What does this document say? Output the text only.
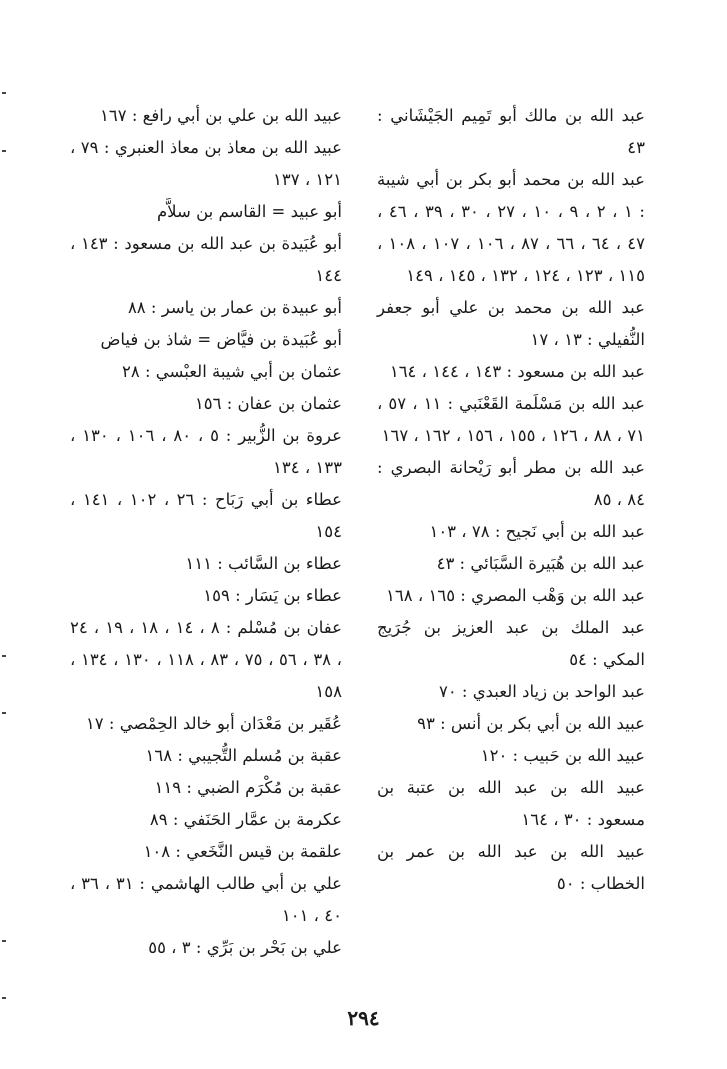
عبد الله بن مالك أبو تَمِيم الجَيْشَاني : ٤٣

عبد الله بن محمد أبو بكر بن أبي شيبة : ١ ، ٢ ، ٩ ، ١٠ ، ٢٧ ، ٣٠ ، ٣٩ ، ٤٦ ، ٤٧ ، ٦٤ ، ٦٦ ، ٨٧ ، ١٠٦ ، ١٠٧ ، ١٠٨ ، ١١٥ ، ١٢٣ ، ١٢٤ ، ١٣٢ ، ١٤٥ ، ١٤٩

عبد الله بن محمد بن علي أبو جعفر النُّفيلي : ١٣ ، ١٧

عبد الله بن مسعود : ١٤٣ ، ١٤٤ ، ١٦٤

عبد الله بن مَسْلَمة القَعْنَبي : ١١ ، ٥٧ ، ٧١ ، ٨٨ ، ١٢٦ ، ١٥٥ ، ١٥٦ ، ١٦٢ ، ١٦٧

عبد الله بن مطر أبو رَيْحانة البصري : ٨٤ ، ٨٥

عبد الله بن أبي نَجيح : ٧٨ ، ١٠٣

عبد الله بن هُبَيرة السَّبَائي : ٤٣

عبد الله بن وَهْب المصري : ١٦٥ ، ١٦٨

عبد الملك بن عبد العزيز بن جُرَيج المكي : ٥٤

عبد الواحد بن زياد العبدي : ٧٠

عبيد الله بن أبي بكر بن أنس : ٩٣

عبيد الله بن حَبيب : ١٢٠

عبيد الله بن عبد الله بن عتبة بن مسعود : ٣٠ ، ١٦٤

عبيد الله بن عبد الله بن عمر بن الخطاب : ٥٠

عبيد الله بن علي بن أبي رافع : ١٦٧

عبيد الله بن معاذ بن معاذ العنبري : ٧٩ ، ١٢١ ، ١٣٧

أبو عبيد = القاسم بن سلاَّم

أبو عُبَيدة بن عبد الله بن مسعود : ١٤٣ ، ١٤٤

أبو عبيدة بن عمار بن ياسر : ٨٨

أبو عُبَيدة بن فيَّاض = شاذ بن فياض

عثمان بن أبي شيبة العبْسي : ٢٨

عثمان بن عفان : ١٥٦

عروة بن الزُّبير : ٥ ، ٨٠ ، ١٠٦ ، ١٣٠ ، ١٣٣ ، ١٣٤

عطاء بن أبي رَبَاح : ٢٦ ، ١٠٢ ، ١٤١ ، ١٥٤

عطاء بن السَّائب : ١١١

عطاء بن يَسَار : ١٥٩

عفان بن مُسْلم : ٨ ، ١٤ ، ١٨ ، ١٩ ، ٢٤ ، ٣٨ ، ٥٦ ، ٧٥ ، ٨٣ ، ١١٨ ، ١٣٠ ، ١٣٤ ، ١٥٨

عُقَير بن مَعْدَان أبو خالد الحِمْصي : ١٧

عقبة بن مُسلم التُّجيبي : ١٦٨

عقبة بن مُكْرَم الضبي : ١١٩

عكرمة بن عمَّار الحَنَفي : ٨٩

علقمة بن قيس النَّخَعي : ١٠٨

علي بن أبي طالب الهاشمي : ٣١ ، ٣٦ ، ٤٠ ، ١٠١

علي بن بَحْر بن بَرِّي : ٣ ، ٥٥

٢٩٤
